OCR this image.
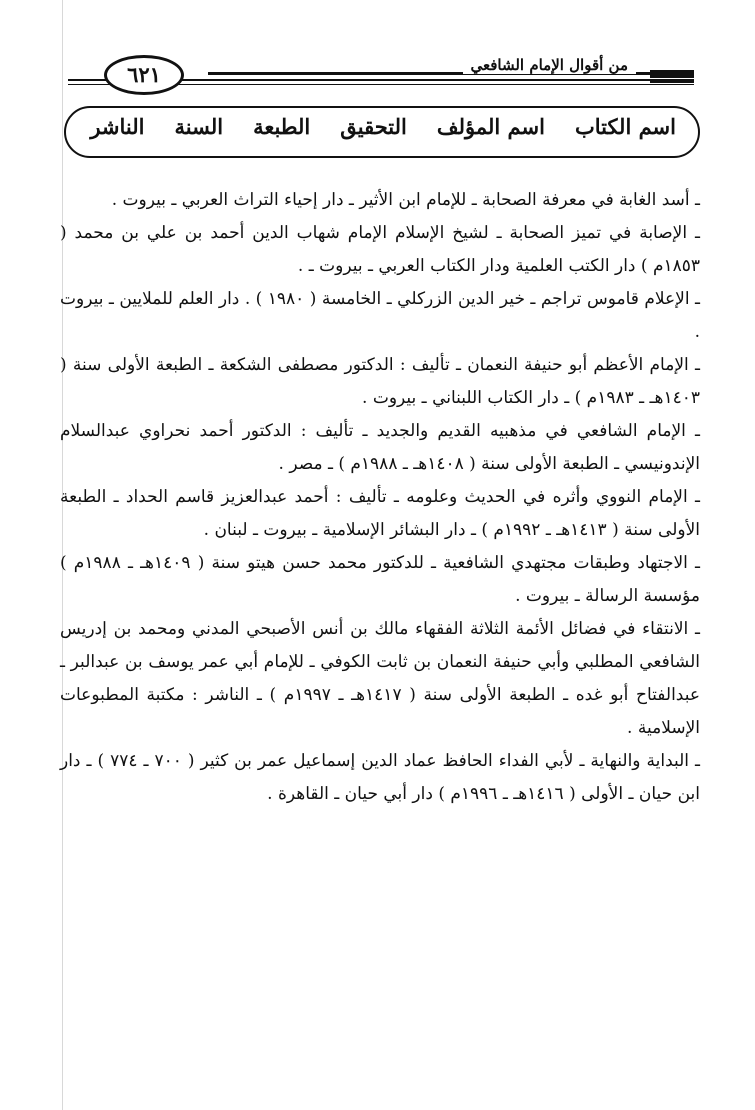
من أقوال الإمام الشافعي
٦٢١
اسم الكتاب
اسم المؤلف
التحقيق
الطبعة
السنة
الناشر

ـ أسد الغابة في معرفة الصحابة ـ للإمام ابن الأثير ـ دار إحياء التراث العربي ـ بيروت .

ـ الإصابة في تميز الصحابة ـ لشيخ الإسلام الإمام شهاب الدين أحمد بن علي بن محمد ( ١٨٥٣م ) دار الكتب العلمية ودار الكتاب العربي ـ بيروت ـ .

ـ الإعلام قاموس تراجم ـ خير الدين الزركلي ـ الخامسة ( ١٩٨٠ ) . دار العلم للملايين ـ بيروت .

ـ الإمام الأعظم أبو حنيفة النعمان ـ تأليف : الدكتور مصطفى الشكعة ـ الطبعة الأولى سنة ( ١٤٠٣هـ ـ ١٩٨٣م ) ـ دار الكتاب اللبناني ـ بيروت .

ـ الإمام الشافعي في مذهبيه القديم والجديد ـ تأليف : الدكتور أحمد نحراوي عبدالسلام الإندونيسي ـ الطبعة الأولى سنة ( ١٤٠٨هـ ـ ١٩٨٨م ) ـ مصر .

ـ الإمام النووي وأثره في الحديث وعلومه ـ تأليف : أحمد عبدالعزيز قاسم الحداد ـ الطبعة الأولى سنة ( ١٤١٣هـ ـ ١٩٩٢م ) ـ دار البشائر الإسلامية ـ بيروت ـ لبنان .

ـ الاجتهاد وطبقات مجتهدي الشافعية ـ للدكتور محمد حسن هيتو سنة ( ١٤٠٩هـ ـ ١٩٨٨م ) مؤسسة الرسالة ـ بيروت .

ـ الانتقاء في فضائل الأئمة الثلاثة الفقهاء مالك بن أنس الأصبحي المدني ومحمد بن إدريس الشافعي المطلبي وأبي حنيفة النعمان بن ثابت الكوفي ـ للإمام أبي عمر يوسف بن عبدالبر ـ عبدالفتاح أبو غده ـ الطبعة الأولى سنة ( ١٤١٧هـ ـ ١٩٩٧م ) ـ الناشر : مكتبة المطبوعات الإسلامية .

ـ البداية والنهاية ـ لأبي الفداء الحافظ عماد الدين إسماعيل عمر بن كثير ( ٧٠٠ ـ ٧٧٤ ) ـ دار ابن حيان ـ الأولى ( ١٤١٦هـ ـ ١٩٩٦م ) دار أبي حيان ـ القاهرة .
